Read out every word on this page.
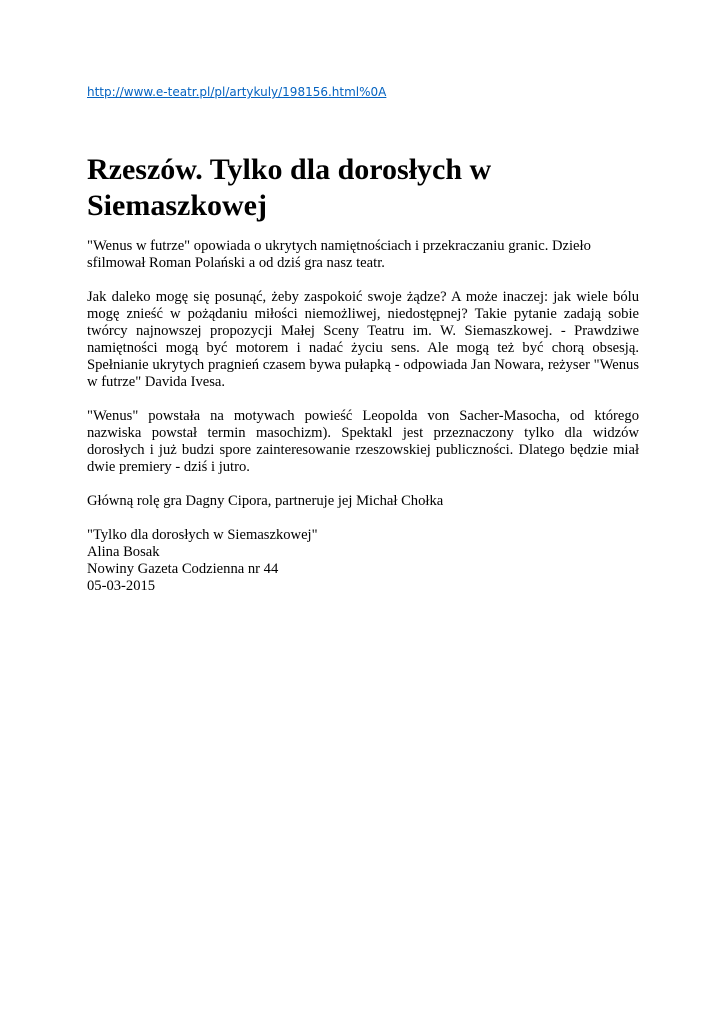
http://www.e-teatr.pl/pl/artykuly/198156.html%0A
Rzeszów. Tylko dla dorosłych w Siemaszkowej

"Wenus w futrze" opowiada o ukrytych namiętnościach i przekraczaniu granic. Dzieło sfilmował Roman Polański a od dziś gra nasz teatr.

Jak daleko mogę się posunąć, żeby zaspokoić swoje żądze? A może inaczej: jak wiele bólu mogę znieść w pożądaniu miłości niemożliwej, niedostępnej? Takie pytanie zadają sobie twórcy najnowszej propozycji Małej Sceny Teatru im. W. Siemaszkowej. - Prawdziwe namiętności mogą być motorem i nadać życiu sens. Ale mogą też być chorą obsesją. Spełnianie ukrytych pragnień czasem bywa pułapką - odpowiada Jan Nowara, reżyser "Wenus w futrze" Davida Ivesa.

"Wenus" powstała na motywach powieść Leopolda von Sacher-Masocha, od którego nazwiska powstał termin masochizm). Spektakl jest przeznaczony tylko dla widzów dorosłych i już budzi spore zainteresowanie rzeszowskiej publiczności. Dlatego będzie miał dwie premiery - dziś i jutro.

Główną rolę gra Dagny Cipora, partneruje jej Michał Chołka

"Tylko dla dorosłych w Siemaszkowej"
Alina Bosak
Nowiny Gazeta Codzienna nr 44
05-03-2015
